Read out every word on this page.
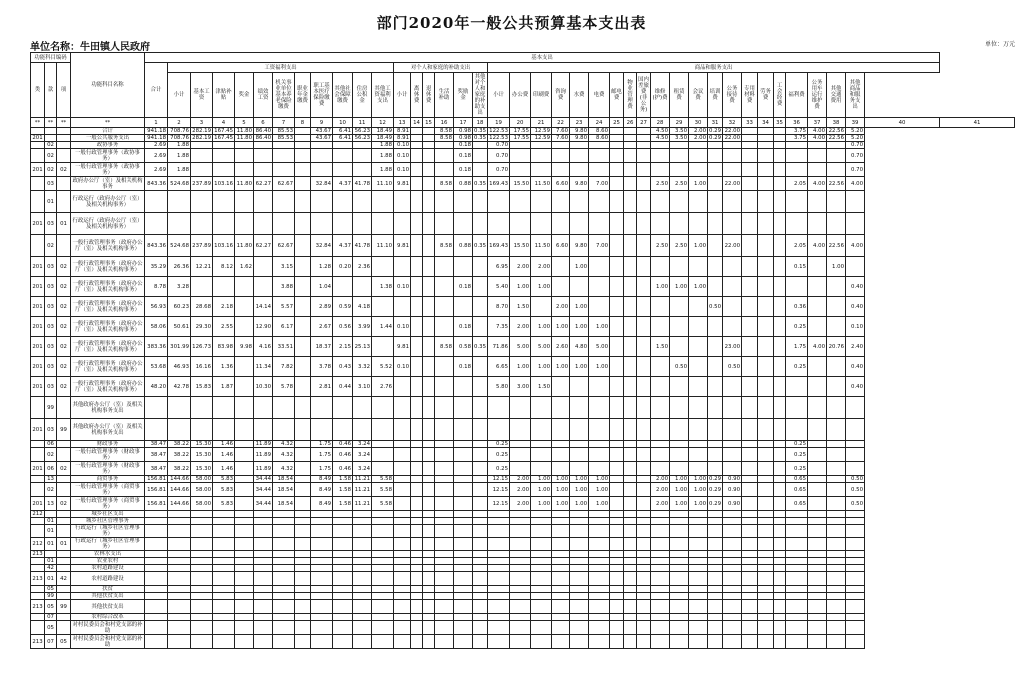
部门2020年一般公共预算基本支出表
单位名称：牛田镇人民政府	单位：万元
功能科目编码			功能科目名称	基本支出																																								
类	款	项		合计	工资福利支出											对个人和家庭的补助支出						商品和服务支出																						
					小计	基本工资	津贴补贴	奖金	绩效工资	机关事业单位基本养老保险缴费	职业年金缴费	职工基本医疗保险缴费	其他社会保障缴费	住房公积金	其他工资福利支出	小计	离休费	退休费	生活补助	奖励金	其他对个人和家庭的补助支出	小计	办公费	印刷费	咨询费	水费	电费	邮电费	物业管理费	国内差旅费(非公务)	维修(护)费	租赁费	会议费	培训费	公务接待费	专用材料费	劳务费	工会经费	福利费	公务用车运行维护费	其他交通费用	其他商品和服务支出		
**	**	**	**	1	2	3	4	5	6	7	8	9	10	11	12	13	14	15	16	17	18	19	20	21	22	23	24	25	26	27	28	29	30	31	32	33	34	35	36	37	38	39	40	41
			合计	941.18	708.76	282.19	167.45	11.80	86.40	85.53		43.67	6.41	56.23	18.49	8.91			8.58	0.98	0.35	122.53	17.55	12.59	7.60	9.80	8.60				4.50	3.50	2.00	0.29	22.00				3.75	4.00	22.56	5.20		
201			一般公共服务支出	941.18	708.76	282.19	167.45	11.80	86.40	85.53		43.67	6.41	56.23	18.49	8.91			8.58	0.98	0.35	122.53	17.55	12.59	7.60	9.80	8.60				4.50	3.50	2.00	0.29	22.00				3.75	4.00	22.56	5.20		
	02		政协事务	2.69	1.88										1.88	0.10				0.18		0.70																				0.70		
	02		一般行政管理事务（政协事务）	2.69	1.88										1.88	0.10				0.18		0.70																				0.70		
201	02	02	一般行政管理事务（政协事务）	2.69	1.88										1.88	0.10				0.18		0.70																				0.70		
	03		政府办公厅（室）及相关机构事务	843.36	524.68	237.89	103.16	11.80	62.27	62.67		32.84	4.37	41.78	11.10	9.81			8.58	0.88	0.35	169.43	15.50	11.50	6.60	9.80	7.00				2.50	2.50	1.00		22.00				2.05	4.00	22.56	4.00		
	01		行政运行（政府办公厅（室）及相关机构事务）																																									
201	03	01	行政运行（政府办公厅（室）及相关机构事务）																																									
	02		一般行政管理事务（政府办公厅（室）及相关机构事务）	843.36	524.68	237.89	103.16	11.80	62.27	62.67		32.84	4.37	41.78	11.10	9.81			8.58	0.88	0.35	169.43	15.50	11.50	6.60	9.80	7.00				2.50	2.50	1.00		22.00				2.05	4.00	22.56	4.00		
201	03	02	一般行政管理事务（政府办公厅（室）及相关机构事务）	35.29	26.36	12.21	8.12	1.62		3.15		1.28	0.20	2.36								6.95	2.00	2.00		1.00													0.15		1.00			
201	03	02	一般行政管理事务（政府办公厅（室）及相关机构事务）	8.78	3.28					3.88		1.04			1.38	0.10				0.18		5.40	1.00	1.00							1.00	1.00	1.00									0.40		
201	03	02	一般行政管理事务（政府办公厅（室）及相关机构事务）	56.93	60.23	28.68	2.18		14.14	5.57		2.89	0.59	4.18								8.70	1.50		2.00	1.00								0.50					0.36			0.40		
201	03	02	一般行政管理事务（政府办公厅（室）及相关机构事务）	58.06	50.61	29.30	2.55		12.90	6.17		2.67	0.56	3.99	1.44	0.10				0.18		7.35	2.00	1.00	1.00	1.00	1.00												0.25			0.10		
201	03	02	一般行政管理事务（政府办公厅（室）及相关机构事务）	383.36	301.99	126.73	83.98	9.98	4.16	33.51		18.37	2.15	25.13		9.81			8.58	0.58	0.35	71.86	5.00	5.00	2.60	4.80	5.00				1.50				23.00				1.75	4.00	20.76	2.40		
201	03	02	一般行政管理事务（政府办公厅（室）及相关机构事务）	53.68	46.93	16.16	1.36		11.34	7.82		3.78	0.43	3.32	5.52	0.10				0.18		6.65	1.00	1.00	1.00	1.00	1.00					0.50			0.50				0.25			0.40		
201	03	02	一般行政管理事务（政府办公厅（室）及相关机构事务）	48.20	42.78	15.83	1.87		10.30	5.78		2.81	0.44	3.10	2.76							5.80	3.00	1.50																		0.40		
	99		其他政府办公厅（室）及相关机构事务支出																																									
201	03	99	其他政府办公厅（室）及相关机构事务支出																																									
	06		财政事务	38.47	38.22	15.30	1.46		11.89	4.32		1.75	0.46	3.24								0.25																	0.25					
	02		一般行政管理事务（财政事务）	38.47	38.22	15.30	1.46		11.89	4.32		1.75	0.46	3.24								0.25																	0.25					
201	06	02	一般行政管理事务（财政事务）	38.47	38.22	15.30	1.46		11.89	4.32		1.75	0.46	3.24								0.25																	0.25					
	13		商贸事务	156.81	144.66	58.00	5.83		34.44	18.54		8.49	1.58	11.21	5.58							12.15	2.00	1.00	1.00	1.00	1.00				2.00	1.00	1.00	0.29	0.90				0.65			0.50		
	02		一般行政管理事务（商贸事务）	156.81	144.66	58.00	5.83		34.44	18.54		8.49	1.58	11.21	5.58							12.15	2.00	1.00	1.00	1.00	1.00				2.00	1.00	1.00	0.29	0.90				0.65			0.50		
201	13	02	一般行政管理事务（商贸事务）	156.81	144.66	58.00	5.83		34.44	18.54		8.49	1.58	11.21	5.58							12.15	2.00	1.00	1.00	1.00	1.00				2.00	1.00	1.00	0.29	0.90				0.65			0.50		
212			城乡社区支出																																									
	01		城乡社区管理事务																																									
	01		行政运行（城乡社区管理事务）																																									
212	01	01	行政运行（城乡社区管理事务）																																									
213			农林水支出																																									
	01		农业农村																																									
	42		农村道路建设																																									
213	01	42	农村道路建设																																									
	05		扶贫																																									
	99		其他扶贫支出																																									
213	05	99	其他扶贫支出																																									
	07		农村综合改革																																									
	05		对村民委员会和村党支部的补助																																									
213	07	05	对村民委员会和村党支部的补助																																									
